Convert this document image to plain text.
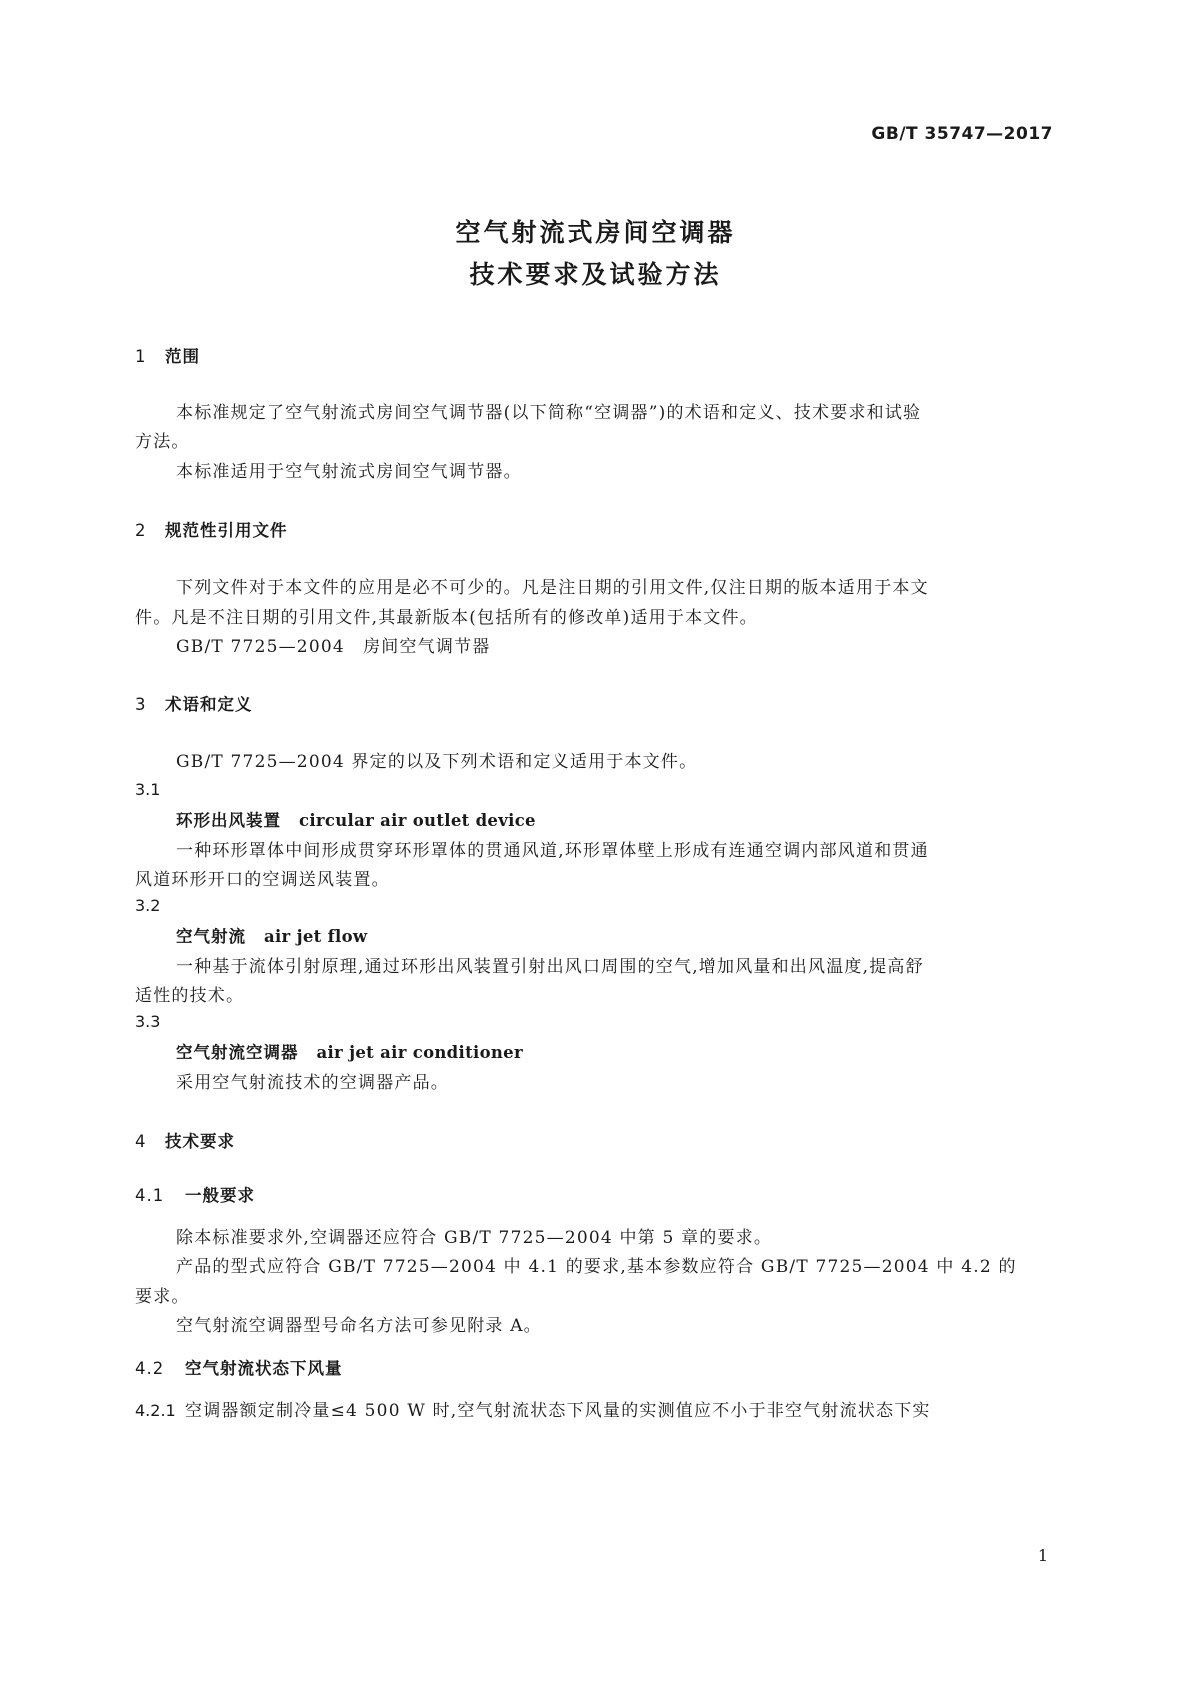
GB/T 35747—2017
空气射流式房间空调器
技术要求及试验方法
1 范围
本标准规定了空气射流式房间空气调节器(以下简称“空调器”)的术语和定义、技术要求和试验
方法。
本标准适用于空气射流式房间空气调节器。
2 规范性引用文件
下列文件对于本文件的应用是必不可少的。凡是注日期的引用文件,仅注日期的版本适用于本文
件。凡是不注日期的引用文件,其最新版本(包括所有的修改单)适用于本文件。
GB/T 7725—2004　房间空气调节器
3 术语和定义
GB/T 7725—2004 界定的以及下列术语和定义适用于本文件。
3.1
环形出风装置 circular air outlet device
一种环形罩体中间形成贯穿环形罩体的贯通风道,环形罩体壁上形成有连通空调内部风道和贯通
风道环形开口的空调送风装置。
3.2
空气射流 air jet flow
一种基于流体引射原理,通过环形出风装置引射出风口周围的空气,增加风量和出风温度,提高舒
适性的技术。
3.3
空气射流空调器 air jet air conditioner
采用空气射流技术的空调器产品。
4 技术要求
4.1 一般要求
除本标准要求外,空调器还应符合 GB/T 7725—2004 中第 5 章的要求。
产品的型式应符合 GB/T 7725—2004 中 4.1 的要求,基本参数应符合 GB/T 7725—2004 中 4.2 的
要求。
空气射流空调器型号命名方法可参见附录 A。
4.2 空气射流状态下风量
4.2.1 空调器额定制冷量≤4 500 W 时,空气射流状态下风量的实测值应不小于非空气射流状态下实
1
